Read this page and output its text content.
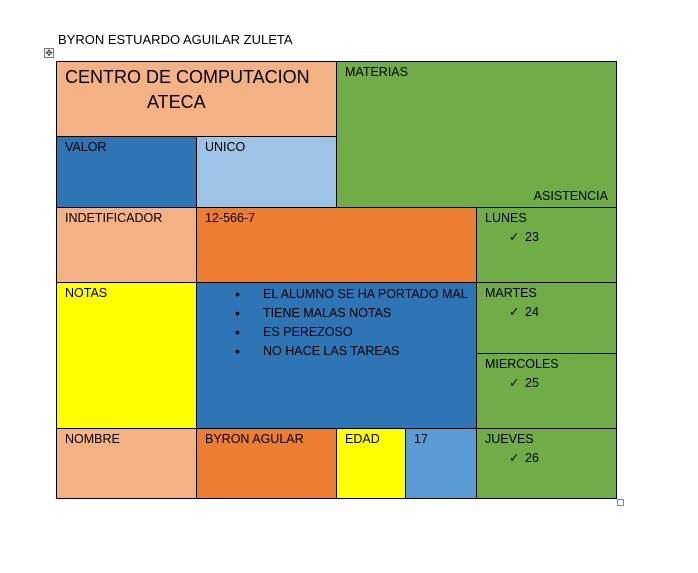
BYRON ESTUARDO AGUILAR ZULETA
✥
CENTRO DE COMPUTACION
ATECA
MATERIAS
ASISTENCIA
VALOR	UNICO
INDETIFICADOR	12-566-7	LUNES
✓ 23
NOTAS
•	EL ALUMNO SE HA PORTADO MAL
• TIENE MALAS NOTAS
• ES PEREZOSO
• NO HACE LAS TAREAS
MARTES
✓ 24
MIERCOLES
✓ 25
NOMBRE	BYRON AGULAR	EDAD	17	JUEVES
✓ 26
